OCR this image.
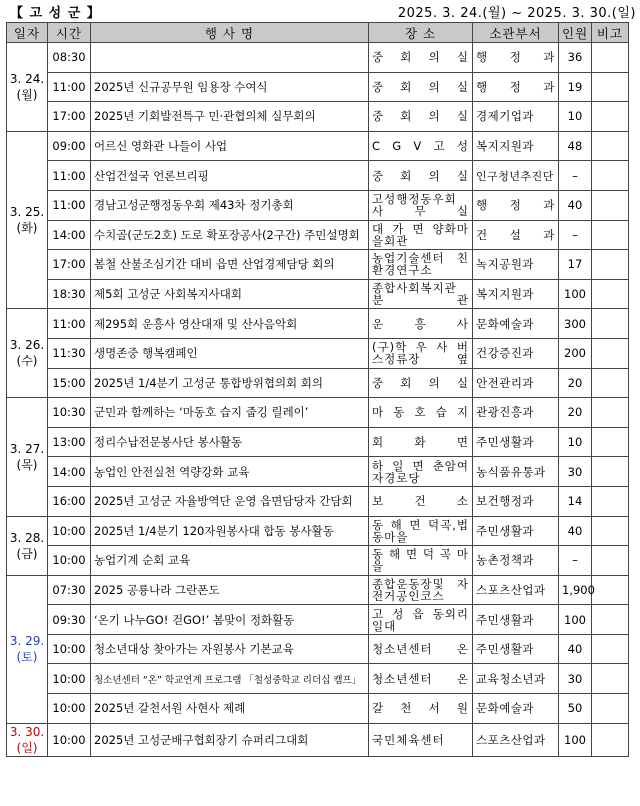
【 고 성 군 】	2025. 3. 24.(월) ~ 2025. 3. 30.(일)
일자	시간	행 사 명	장 소	소관부서	인원	비고

3. 24.
(월)	08:30		중 회 의 실	행 정 과	36	
	11:00	2025년 신규공무원 임용장 수여식	중 회 의 실	행 정 과	19	
	17:00	2025년 기회발전특구 민·관협의체 실무회의	중 회 의 실	경제기업과	10	

3. 25.
(화)	09:00	어르신 영화관 나들이 사업	C G V 고 성	복지지원과	48	
	11:00	산업건설국 언론브리핑	중 회 의 실	인구청년추진단	–	
	11:00	경남고성군행정동우회 제43차 정기총회	고성행정동우회 사 무 실	행 정 과	40	
	14:00	수치골(군도2호) 도로 확포장공사(2구간) 주민설명회	대 가 면 양화마을회관	건 설 과	–	
	17:00	봄철 산불조심기간 대비 읍면 산업경제담당 회의	농업기술센터 친환경연구소	녹지공원과	17	
	18:30	제5회 고성군 사회복지사대회	종합사회복지관 분 관	복지지원과	100	

3. 26.
(수)	11:00	제295회 운흥사 영산대재 및 산사음악회	운 흥 사	문화예술과	300	
	11:30	생명존중 행복캠페인	(구)학 우 사 버스정류장 옆	건강증진과	200	
	15:00	2025년 1/4분기 고성군 통합방위협의회 회의	중 회 의 실	안전관리과	20	

3. 27.
(목)	10:30	군민과 함께하는 ‘마동호 습지 줍깅 릴레이’	마 동 호 습 지	관광진흥과	20	
	13:00	정리수납전문봉사단 봉사활동	회 화 면	주민생활과	10	
	14:00	농업인 안전실천 역량강화 교육	하 일 면 춘암여자경로당	농식품유통과	30	
	16:00	2025년 고성군 자율방역단 운영 읍면담당자 간담회	보 건 소	보건행정과	14	

3. 28.
(금)	10:00	2025년 1/4분기 120자원봉사대 합동 봉사활동	동 해 면 덕곡,법동마을	주민생활과	40	
	10:00	농업기계 순회 교육	동 해 면 덕 곡 마 을	농촌정책과	–	

3. 29.
(토)	07:30	2025 공룡나라 그란폰도	종합운동장및 자전거공인코스	스포츠산업과	1,900	
	09:30	‘온기 나누GO! 걷GO!’ 봄맞이 정화활동	고 성 읍 동외리일대	주민생활과	100	
	10:00	청소년대상 찾아가는 자원봉사 기본교육	청소년센터 온	주민생활과	40	
	10:00	청소년센터 “온” 학교연계 프로그램 「철성중학교 리더십 캠프」	청소년센터 온	교육청소년과	30	
	10:00	2025년 갈천서원 사현사 제례	갈 천 서 원	문화예술과	50	

3. 30.
(일)	10:00	2025년 고성군배구협회장기 슈퍼리그대회	국민체육센터	스포츠산업과	100	
